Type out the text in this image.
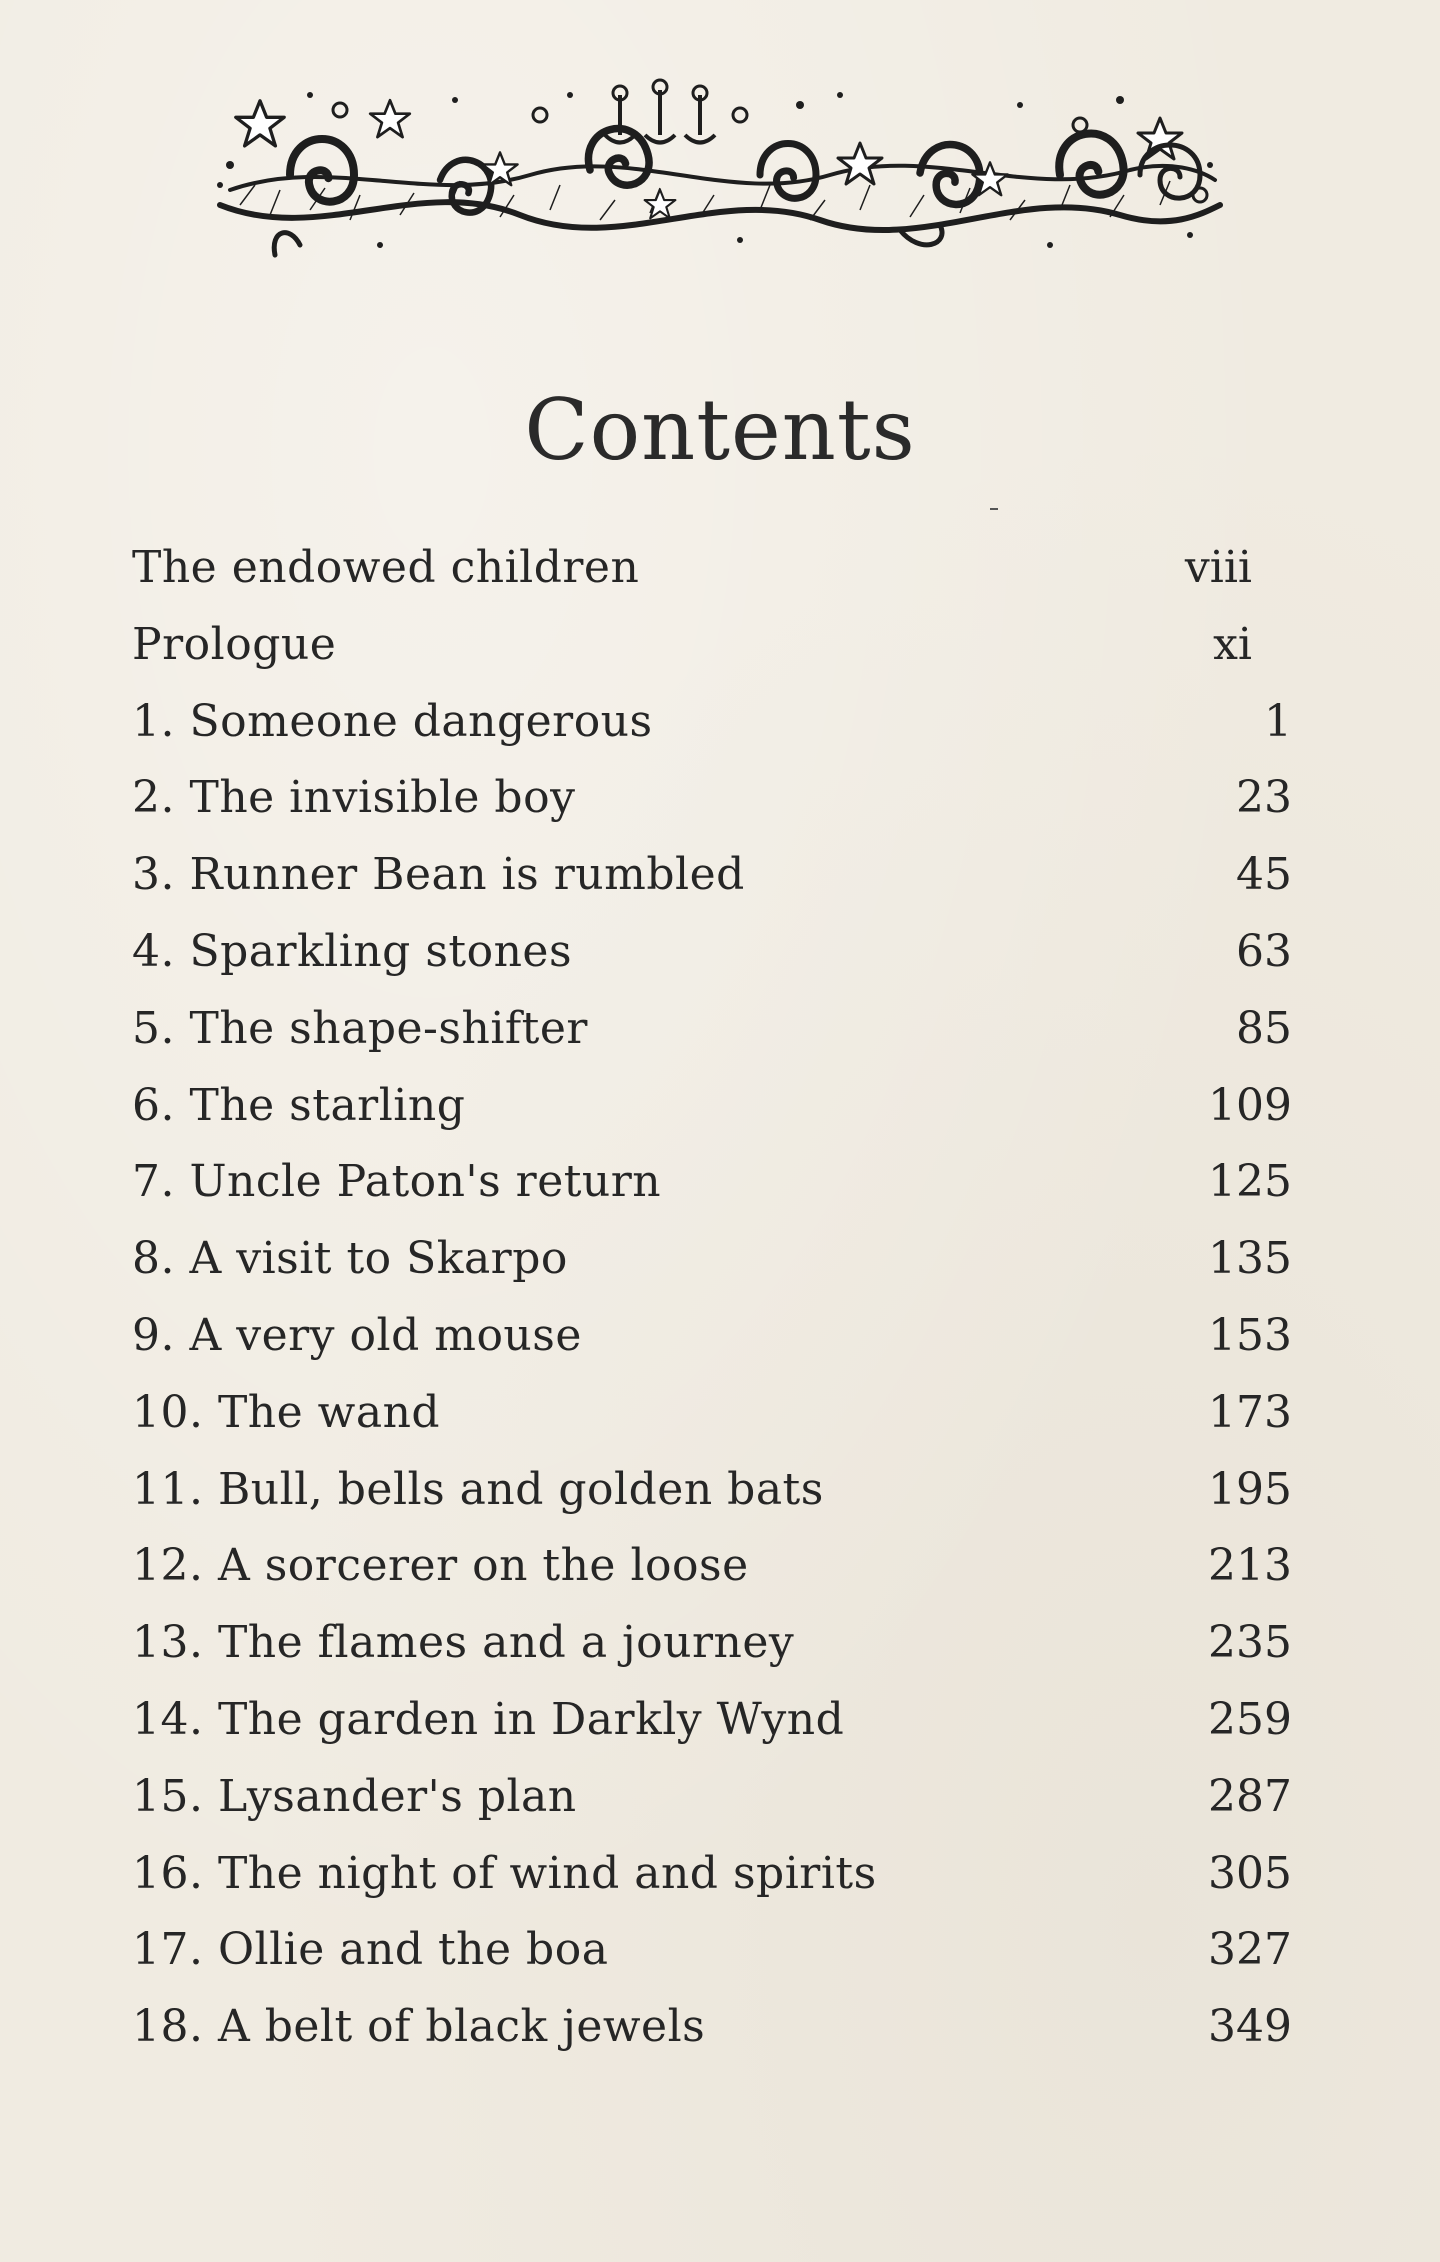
Contents
The endowed children	viii
Prologue	xi
1. Someone dangerous	1
2. The invisible boy	23
3. Runner Bean is rumbled	45
4. Sparkling stones	63
5. The shape-shifter	85
6. The starling	109
7. Uncle Paton's return	125
8. A visit to Skarpo	135
9. A very old mouse	153
10. The wand	173
11. Bull, bells and golden bats	195
12. A sorcerer on the loose	213
13. The flames and a journey	235
14. The garden in Darkly Wynd	259
15. Lysander's plan	287
16. The night of wind and spirits	305
17. Ollie and the boa	327
18. A belt of black jewels	349
